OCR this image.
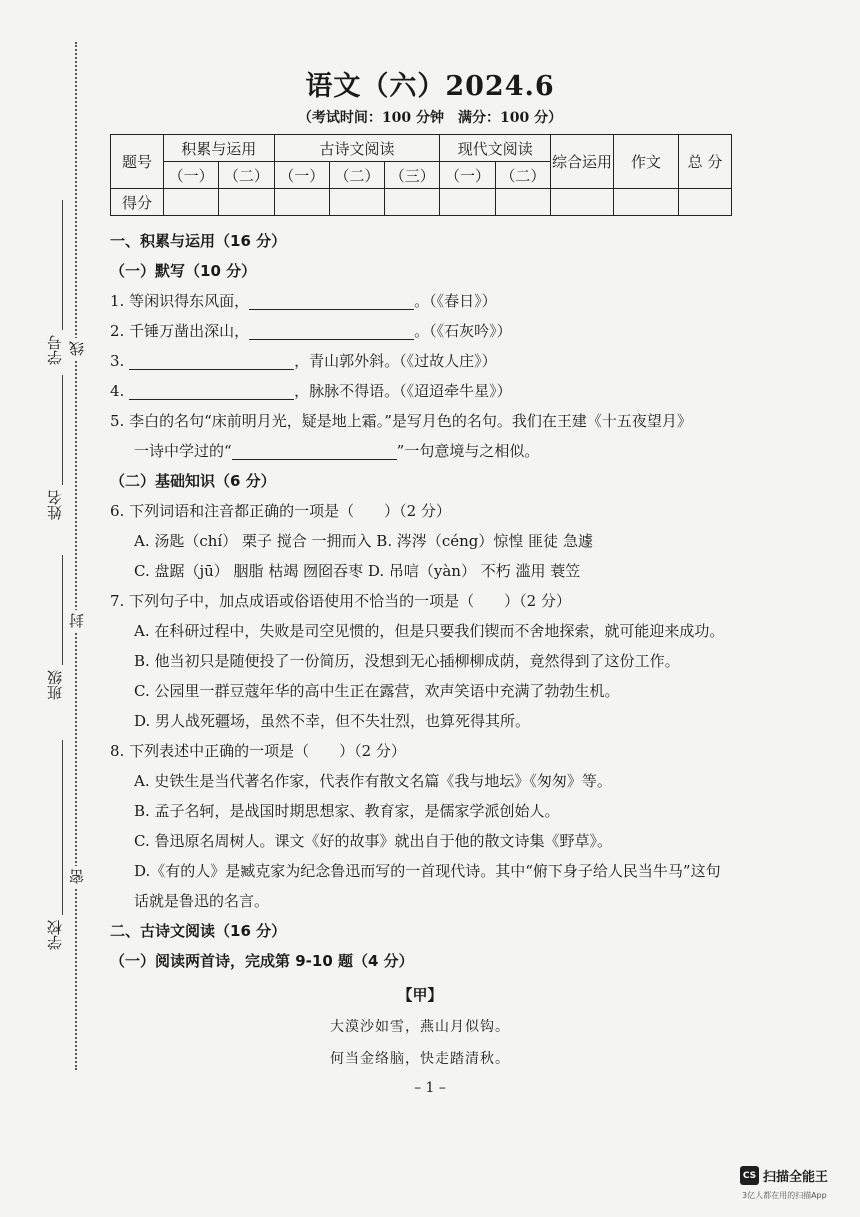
学号
姓名
班级
学校
线
封
密
语文（六）2024.6
（考试时间：100 分钟　满分：100 分）
题号	积累与运用		古诗文阅读			现代文阅读		综合运用	作文	总 分
	（一）	（二）	（一）	（二）	（三）	（一）	（二）			
得分										
一、积累与运用（16 分）
（一）默写（10 分）
1. 等闲识得东风面，	。（《春日》）
2. 千锤万凿出深山，	。（《石灰吟》）
3.	，青山郭外斜。（《过故人庄》）
4.	，脉脉不得语。（《迢迢牵牛星》）
5. 李白的名句“床前明月光，疑是地上霜。”是写月色的名句。我们在王建《十五夜望月》
一诗中学过的“	”一句意境与之相似。
（二）基础知识（6 分）
6. 下列词语和注音都正确的一项是（　　）（2 分）
A. 汤匙（chí） 栗子 搅合 一拥而入 B. 涔涔（céng）惊惶 匪徒 急遽
C. 盘踞（jū） 胭脂 枯竭 囫囵吞枣 D. 吊唁（yàn） 不朽 滥用 蓑笠
7. 下列句子中，加点成语或俗语使用不恰当的一项是（　　）（2 分）
A. 在科研过程中，失败是司空见惯的，但是只要我们锲而不舍地探索，就可能迎来成功。
B. 他当初只是随便投了一份简历，没想到无心插柳柳成荫，竟然得到了这份工作。
C. 公园里一群豆蔻年华的高中生正在露营，欢声笑语中充满了勃勃生机。
D. 男人战死疆场，虽然不幸，但不失壮烈，也算死得其所。
8. 下列表述中正确的一项是（　　）（2 分）
A. 史铁生是当代著名作家，代表作有散文名篇《我与地坛》《匆匆》等。
B. 孟子名轲，是战国时期思想家、教育家，是儒家学派创始人。
C. 鲁迅原名周树人。课文《好的故事》就出自于他的散文诗集《野草》。
D.《有的人》是臧克家为纪念鲁迅而写的一首现代诗。其中“俯下身子给人民当牛马”这句
话就是鲁迅的名言。
二、古诗文阅读（16 分）
（一）阅读两首诗，完成第 9-10 题（4 分）
【甲】
大漠沙如雪，燕山月似钩。
何当金络脑，快走踏清秋。
– 1 –
CS 扫描全能王
3亿人都在用的扫描App
